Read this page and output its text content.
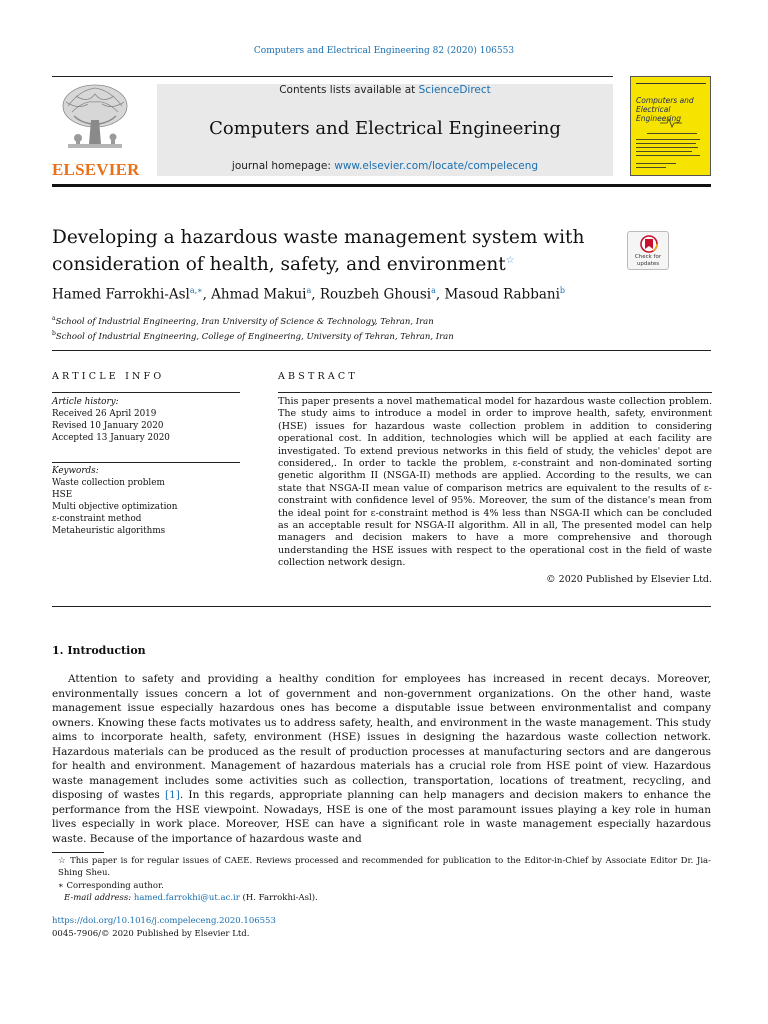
Computers and Electrical Engineering 82 (2020) 106553
ELSEVIER
Contents lists available at ScienceDirect
Computers and Electrical Engineering
journal homepage: www.elsevier.com/locate/compeleceng
Computers and
Electrical Engineering
Developing a hazardous waste management system with
consideration of health, safety, and environment☆	Check for
updates
Hamed Farrokhi-Asl$^{a,∗}$, Ahmad Makui$^a$, Rouzbeh Ghousi$^a$, Masoud Rabbani$^b$
$^a$School of Industrial Engineering, Iran University of Science & Technology, Tehran, Iran
$^b$School of Industrial Engineering, College of Engineering, University of Tehran, Tehran, Iran
ARTICLE INFO	ABSTRACT
Article history:
Received 26 April 2019
Revised 10 January 2020
Accepted 13 January 2020
Keywords:
Waste collection problem
HSE
Multi objective optimization
ε-constraint method
Metaheuristic algorithms
This paper presents a novel mathematical model for hazardous waste collection problem. The study aims to introduce a model in order to improve health, safety, environment (HSE) issues for hazardous waste collection problem in addition to considering operational cost. In addition, technologies which will be applied at each facility are investigated. To extend previous networks in this field of study, the vehicles' depot are considered,. In order to tackle the problem, ε-constraint and non-dominated sorting genetic algorithm II (NSGA-II) methods are applied. According to the results, we can state that NSGA-II mean value of comparison metrics are equivalent to the results of ε-constraint with confidence level of 95%. Moreover, the sum of the distance's mean from the ideal point for ε-constraint method is 4% less than NSGA-II which can be concluded as an acceptable result for NSGA-II algorithm. All in all, The presented model can help managers and decision makers to have a more comprehensive and thorough understanding the HSE issues with respect to the operational cost in the field of waste collection network design.
© 2020 Published by Elsevier Ltd.
1. Introduction
Attention to safety and providing a healthy condition for employees has increased in recent decays. Moreover, environmentally issues concern a lot of government and non-government organizations. On the other hand, waste management issue especially hazardous ones has become a disputable issue between environmentalist and company owners. Knowing these facts motivates us to address safety, health, and environment in the waste management. This study aims to incorporate health, safety, environment (HSE) issues in designing the hazardous waste collection network. Hazardous materials can be produced as the result of production processes at manufacturing sectors and are dangerous for health and environment. Management of hazardous materials has a crucial role from HSE point of view. Hazardous waste management includes some activities such as collection, transportation, locations of treatment, recycling, and disposing of wastes [1]. In this regards, appropriate planning can help managers and decision makers to enhance the performance from the HSE viewpoint. Nowadays, HSE is one of the most paramount issues playing a key role in human lives especially in work place. Moreover, HSE can have a significant role in waste management especially hazardous waste. Because of the importance of hazardous waste and
☆ This paper is for regular issues of CAEE. Reviews processed and recommended for publication to the Editor-in-Chief by Associate Editor Dr. Jia-Shing Sheu.
∗ Corresponding author.
E-mail address: hamed.farrokhi@ut.ac.ir (H. Farrokhi-Asl).
https://doi.org/10.1016/j.compeleceng.2020.106553
0045-7906/© 2020 Published by Elsevier Ltd.
